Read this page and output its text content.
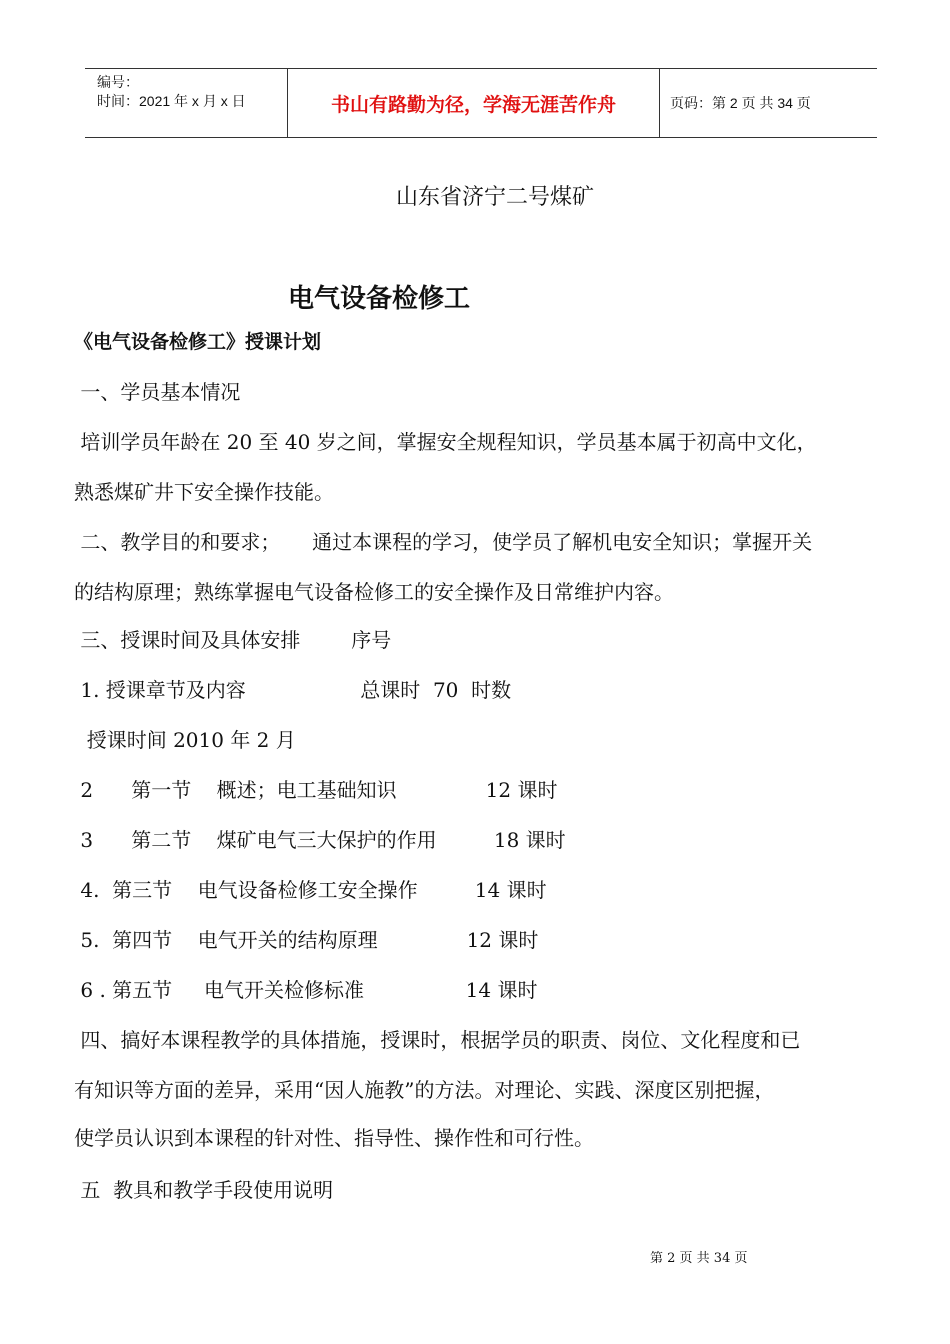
编号：
时间：2021 年 x 月 x 日	书山有路勤为径，学海无涯苦作舟	页码：第 2 页 共 34 页
山东省济宁二号煤矿
电气设备检修工
《电气设备检修工》授课计划
一、学员基本情况
培训学员年龄在 20 至 40 岁之间，掌握安全规程知识，学员基本属于初高中文化，
熟悉煤矿井下安全操作技能。
二、教学目的和要求；     通过本课程的学习，使学员了解机电安全知识；掌握开关
的结构原理；熟练掌握电气设备检修工的安全操作及日常维护内容。
三、授课时间及具体安排        序号
1. 授课章节及内容                  总课时  70  时数
授课时间 2010 年 2 月
2      第一节    概述；电工基础知识              12 课时
3      第二节    煤矿电气三大保护的作用         18 课时
4.  第三节    电气设备检修工安全操作         14 课时
5.  第四节    电气开关的结构原理              12 课时
6 . 第五节     电气开关检修标准                14 课时
四、搞好本课程教学的具体措施，授课时，根据学员的职责、岗位、文化程度和已
有知识等方面的差异，采用“因人施教”的方法。对理论、实践、深度区别把握，
使学员认识到本课程的针对性、指导性、操作性和可行性。
五  教具和教学手段使用说明
第 2 页 共 34 页
